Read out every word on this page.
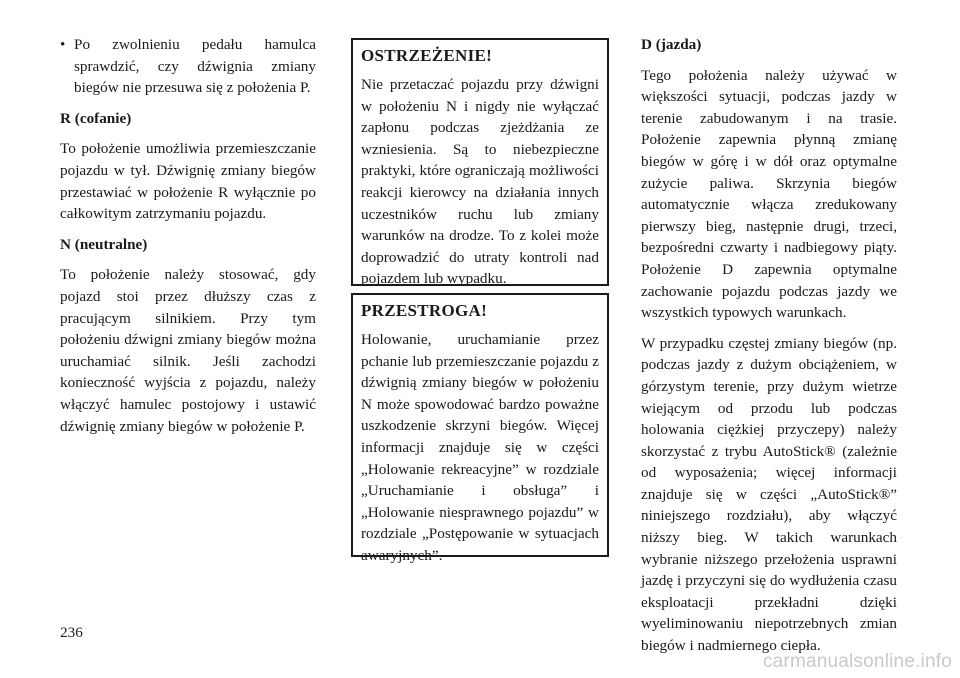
• Po zwolnieniu pedału hamulca sprawdzić, czy dźwignia zmiany biegów nie przesuwa się z położenia P.

R (cofanie)

To położenie umożliwia przemieszczanie pojazdu w tył. Dźwignię zmiany biegów przestawiać w położenie R wyłącznie po całkowitym zatrzymaniu pojazdu.

N (neutralne)

To położenie należy stosować, gdy pojazd stoi przez dłuższy czas z pracującym silnikiem. Przy tym położeniu dźwigni zmiany biegów można uruchamiać silnik. Jeśli zachodzi konieczność wyjścia z pojazdu, należy włączyć hamulec postojowy i ustawić dźwignię zmiany biegów w położenie P.

OSTRZEŻENIE!

Nie przetaczać pojazdu przy dźwigni w położeniu N i nigdy nie wyłączać zapłonu podczas zjeżdżania ze wzniesienia. Są to niebezpieczne praktyki, które ograniczają możliwości reakcji kierowcy na działania innych uczestników ruchu lub zmiany warunków na drodze. To z kolei może doprowadzić do utraty kontroli nad pojazdem lub wypadku.

PRZESTROGA!

Holowanie, uruchamianie przez pchanie lub przemieszczanie pojazdu z dźwignią zmiany biegów w położeniu N może spowodować bardzo poważne uszkodzenie skrzyni biegów. Więcej informacji znajduje się w części „Holowanie rekreacyjne” w rozdziale „Uruchamianie i obsługa” i „Holowanie niesprawnego pojazdu” w rozdziale „Postępowanie w sytuacjach awaryjnych”.

D (jazda)

Tego położenia należy używać w większości sytuacji, podczas jazdy w terenie zabudowanym i na trasie. Położenie zapewnia płynną zmianę biegów w górę i w dół oraz optymalne zużycie paliwa. Skrzynia biegów automatycznie włącza zredukowany pierwszy bieg, następnie drugi, trzeci, bezpośredni czwarty i nadbiegowy piąty. Położenie D zapewnia optymalne zachowanie pojazdu podczas jazdy we wszystkich typowych warunkach.

W przypadku częstej zmiany biegów (np. podczas jazdy z dużym obciążeniem, w górzystym terenie, przy dużym wietrze wiejącym od przodu lub podczas holowania ciężkiej przyczepy) należy skorzystać z trybu AutoStick® (zależnie od wyposażenia; więcej informacji znajduje się w części „AutoStick®” niniejszego rozdziału), aby włączyć niższy bieg. W takich warunkach wybranie niższego przełożenia usprawni jazdę i przyczyni się do wydłużenia czasu eksploatacji przekładni dzięki wyeliminowaniu niepotrzebnych zmian biegów i nadmiernego ciepła.

236
carmanualsonline.info
